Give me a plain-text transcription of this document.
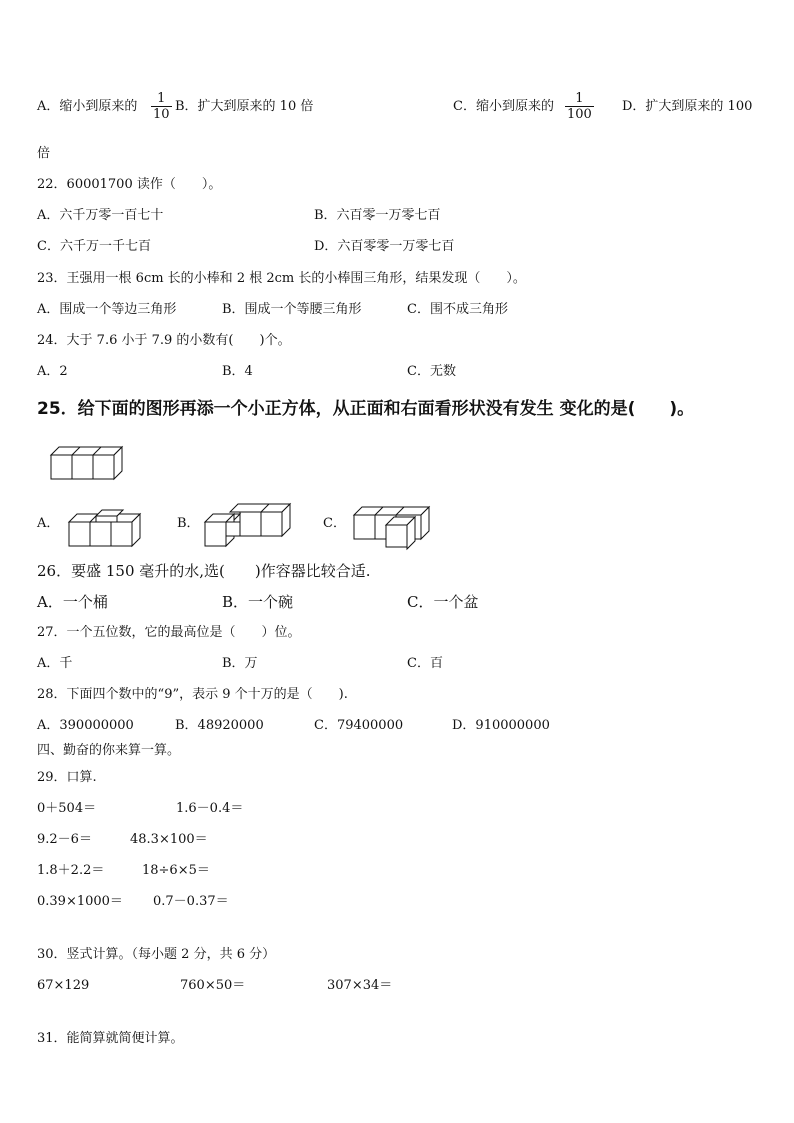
A．缩小到原来的
1
10
B．扩大到原来的 10 倍	C．缩小到原来的
1
100
D．扩大到原来的 100
倍
22．60001700 读作（　　）。
A．六千万零一百七十	B．六百零一万零七百
C．六千万一千七百	D．六百零零一万零七百
23．王强用一根 6cm 长的小棒和 2 根 2cm 长的小棒围三角形，结果发现（　　）。
A．围成一个等边三角形	B．围成一个等腰三角形	C．围不成三角形
24．大于 7.6 小于 7.9 的小数有(　　)个。
A．2	B．4	C．无数
25．给下面的图形再添一个小正方体，从正面和右面看形状没有发生 变化的是(　　)。
A．	B．	C．
26．要盛 150 毫升的水,选(　　)作容器比较合适.
A．一个桶	B．一个碗	C．一个盆
27．一个五位数，它的最高位是（　　）位。
A．千	B．万	C．百
28．下面四个数中的“9”，表示 9 个十万的是（　　).
A．390000000	B．48920000	C．79400000	D．910000000
四、勤奋的你来算一算。
29．口算.
0＋504＝	1.6－0.4＝
9.2－6＝	48.3×100＝
1.8＋2.2＝	18÷6×5＝
0.39×1000＝ 0.7－0.37＝
30．竖式计算。（每小题 2 分，共 6 分）
67×129	760×50＝	307×34＝
31．能简算就简便计算。
